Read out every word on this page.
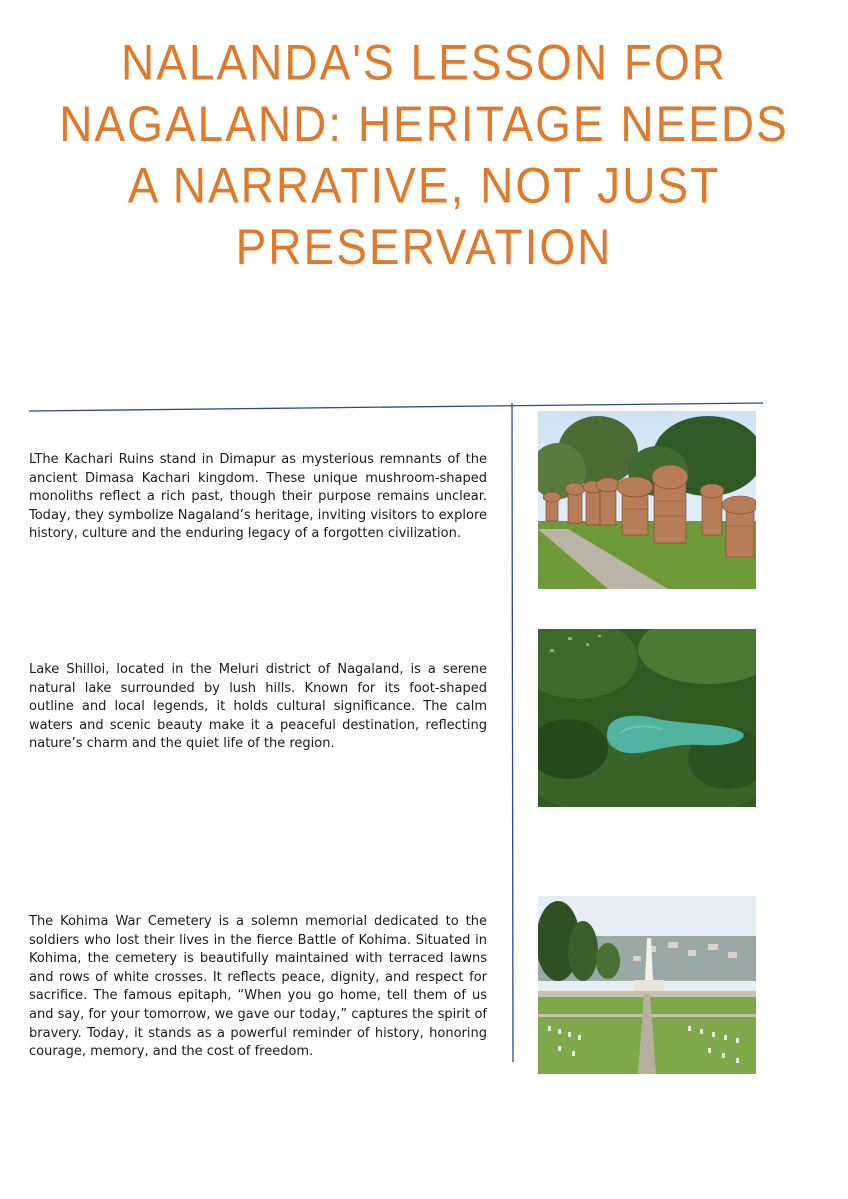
NALANDA'S LESSON FOR NAGALAND: HERITAGE NEEDS A NARRATIVE, NOT JUST PRESERVATION

LThe Kachari Ruins stand in Dimapur as mysterious remnants of the ancient Dimasa Kachari kingdom. These unique mushroom-shaped monoliths reflect a rich past, though their purpose remains unclear. Today, they symbolize Nagaland’s heritage, inviting visitors to explore history, culture and the enduring legacy of a forgotten civilization.

Lake Shilloi, located in the Meluri district of Nagaland, is a serene natural lake surrounded by lush hills. Known for its foot-shaped outline and local legends, it holds cultural significance. The calm waters and scenic beauty make it a peaceful destination, reflecting nature’s charm and the quiet life of the region.

The Kohima War Cemetery is a solemn memorial dedicated to the soldiers who lost their lives in the fierce Battle of Kohima. Situated in Kohima, the cemetery is beautifully maintained with terraced lawns and rows of white crosses. It reflects peace, dignity, and respect for sacrifice. The famous epitaph, “When you go home, tell them of us and say, for your tomorrow, we gave our today,” captures the spirit of bravery. Today, it stands as a powerful reminder of history, honoring courage, memory, and the cost of freedom.
